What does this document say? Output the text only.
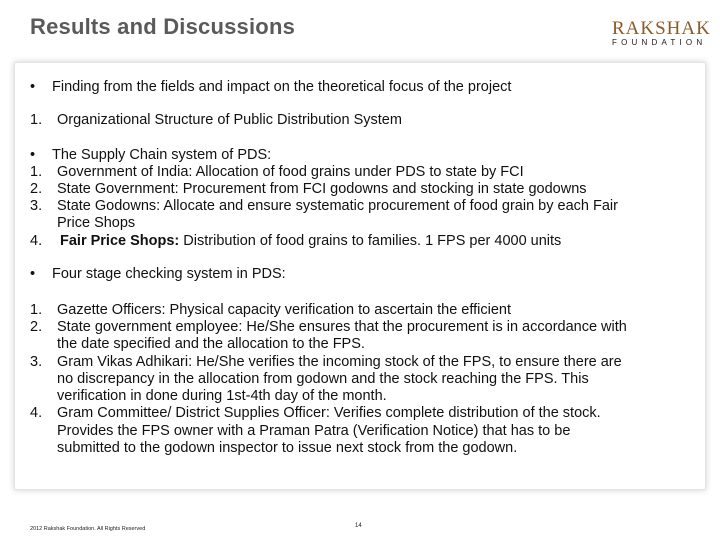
Results and Discussions	RAKSHAK
FOUNDATION
• Finding from the fields and impact on the theoretical focus of the project
1. Organizational Structure of Public Distribution System
• The Supply Chain system of PDS:
1. Government of India: Allocation of food grains under PDS to state by FCI
2. State Government: Procurement from FCI godowns and stocking in state godowns
3. State Godowns: Allocate and ensure systematic procurement of food grain by each Fair
Price Shops
4. Fair Price Shops: Distribution of food grains to families. 1 FPS per 4000 units
• Four stage checking system in PDS:
1. Gazette Officers: Physical capacity verification to ascertain the efficient
2. State government employee: He/She ensures that the procurement is in accordance with
the date specified and the allocation to the FPS.
3. Gram Vikas Adhikari: He/She verifies the incoming stock of the FPS, to ensure there are
no discrepancy in the allocation from godown and the stock reaching the FPS. This
verification in done during 1st-4th day of the month.
4. Gram Committee/ District Supplies Officer: Verifies complete distribution of the stock.
Provides the FPS owner with a Praman Patra (Verification Notice) that has to be
submitted to the godown inspector to issue next stock from the godown.
2012 Rakshak Foundation. All Rights Reserved	14
